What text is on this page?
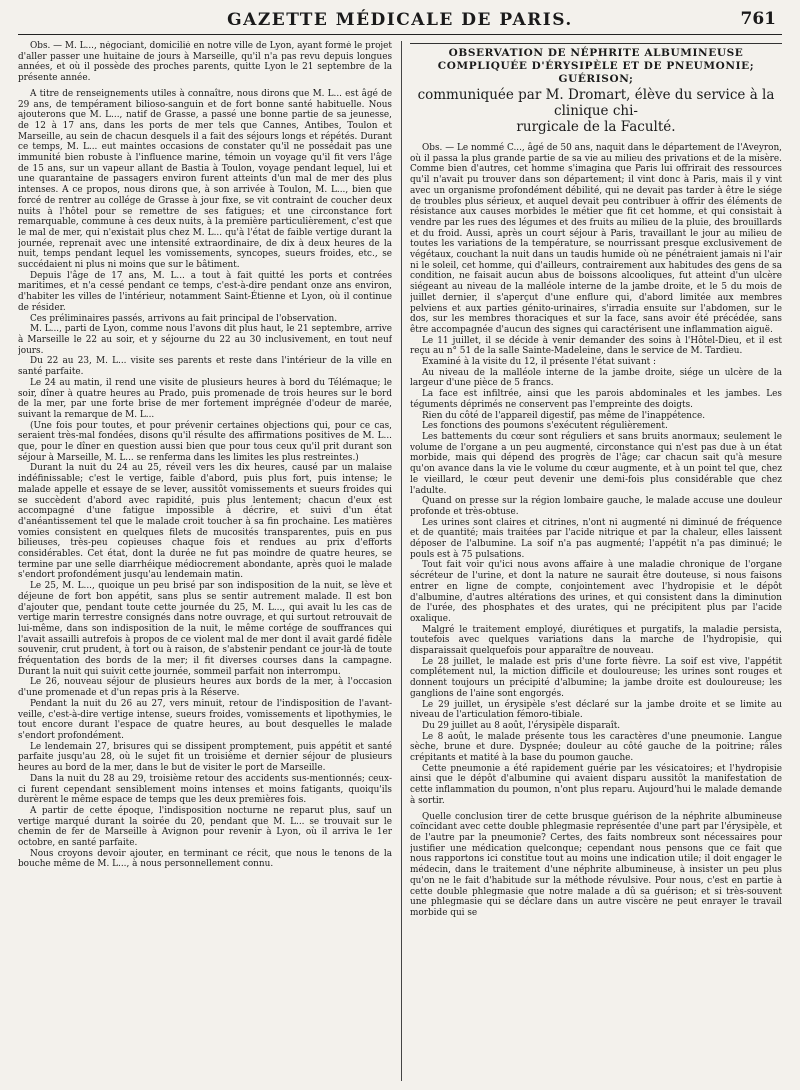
GAZETTE MÉDICALE DE PARIS.	761

Obs. — M. L..., négociant, domicilié en notre ville de Lyon, ayant formé le projet d'aller passer une huitaine de jours à Marseille, qu'il n'a pas revu depuis longues années, et où il possède des proches parents, quitte Lyon le 21 septembre de la présente année.

A titre de renseignements utiles à connaître, nous dirons que M. L... est âgé de 29 ans, de tempérament bilioso-sanguin et de fort bonne santé habituelle. Nous ajouterons que M. L..., natif de Grasse, a passé une bonne partie de sa jeunesse, de 12 à 17 ans, dans les ports de mer tels que Cannes, Antibes, Toulon et Marseille, au sein de chacun desquels il a fait des séjours longs et répétés. Durant ce temps, M. L... eut maintes occasions de constater qu'il ne possédait pas une immunité bien robuste à l'influence marine, témoin un voyage qu'il fit vers l'âge de 15 ans, sur un vapeur allant de Bastia à Toulon, voyage pendant lequel, lui et une quarantaine de passagers environ furent atteints d'un mal de mer des plus intenses. A ce propos, nous dirons que, à son arrivée à Toulon, M. L..., bien que forcé de rentrer au collége de Grasse à jour fixe, se vit contraint de coucher deux nuits à l'hôtel pour se remettre de ses fatigues; et une circonstance fort remarquable, commune à ces deux nuits, à la première particulièrement, c'est que le mal de mer, qui n'existait plus chez M. L... qu'à l'état de faible vertige durant la journée, reprenait avec une intensité extraordinaire, de dix à deux heures de la nuit, temps pendant lequel les vomissements, syncopes, sueurs froides, etc., se succédaient ni plus ni moins que sur le bâtiment.

Depuis l'âge de 17 ans, M. L... a tout à fait quitté les ports et contrées maritimes, et n'a cessé pendant ce temps, c'est-à-dire pendant onze ans environ, d'habiter les villes de l'intérieur, notamment Saint-Étienne et Lyon, où il continue de résider.

Ces préliminaires passés, arrivons au fait principal de l'observation.

M. L..., parti de Lyon, comme nous l'avons dit plus haut, le 21 septembre, arrive à Marseille le 22 au soir, et y séjourne du 22 au 30 inclusivement, en tout neuf jours.

Du 22 au 23, M. L... visite ses parents et reste dans l'intérieur de la ville en santé parfaite.

Le 24 au matin, il rend une visite de plusieurs heures à bord du Télémaque; le soir, dîner à quatre heures au Prado, puis promenade de trois heures sur le bord de la mer, par une forte brise de mer fortement imprégnée d'odeur de marée, suivant la remarque de M. L...

(Une fois pour toutes, et pour prévenir certaines objections qui, pour ce cas, seraient très-mal fondées, disons qu'il résulte des affirmations positives de M. L... que, pour le dîner en question aussi bien que pour tous ceux qu'il prit durant son séjour à Marseille, M. L... se renferma dans les limites les plus restreintes.)

Durant la nuit du 24 au 25, réveil vers les dix heures, causé par un malaise indéfinissable; c'est le vertige, faible d'abord, puis plus fort, puis intense; le malade appelle et essaye de se lever, aussitôt vomissements et sueurs froides qui se succèdent d'abord avec rapidité, puis plus lentement; chacun d'eux est accompagné d'une fatigue impossible à décrire, et suivi d'un état d'anéantissement tel que le malade croit toucher à sa fin prochaine. Les matières vomies consistent en quelques filets de mucosités transparentes, puis en pus bilieuses, très-peu copieuses chaque fois et rendues au prix d'efforts considérables. Cet état, dont la durée ne fut pas moindre de quatre heures, se termine par une selle diarrhéique médiocrement abondante, après quoi le malade s'endort profondément jusqu'au lendemain matin.

Le 25, M. L..., quoique un peu brisé par son indisposition de la nuit, se lève et déjeune de fort bon appétit, sans plus se sentir autrement malade. Il est bon d'ajouter que, pendant toute cette journée du 25, M. L..., qui avait lu les cas de vertige marin terrestre consignés dans notre ouvrage, et qui surtout retrouvait de lui-même, dans son indisposition de la nuit, le même cortége de souffrances qui l'avait assailli autrefois à propos de ce violent mal de mer dont il avait gardé fidèle souvenir, crut prudent, à tort ou à raison, de s'abstenir pendant ce jour-là de toute fréquentation des bords de la mer; il fit diverses courses dans la campagne. Durant la nuit qui suivit cette journée, sommeil parfait non interrompu.

Le 26, nouveau séjour de plusieurs heures aux bords de la mer, à l'occasion d'une promenade et d'un repas pris à la Réserve.

Pendant la nuit du 26 au 27, vers minuit, retour de l'indisposition de l'avant-veille, c'est-à-dire vertige intense, sueurs froides, vomissements et lipothymies, le tout encore durant l'espace de quatre heures, au bout desquelles le malade s'endort profondément.

Le lendemain 27, brisures qui se dissipent promptement, puis appétit et santé parfaite jusqu'au 28, où le sujet fit un troisième et dernier séjour de plusieurs heures au bord de la mer, dans le but de visiter le port de Marseille.

Dans la nuit du 28 au 29, troisième retour des accidents sus-mentionnés; ceux-ci furent cependant sensiblement moins intenses et moins fatigants, quoiqu'ils durèrent le même espace de temps que les deux premières fois.

A partir de cette époque, l'indisposition nocturne ne reparut plus, sauf un vertige marqué durant la soirée du 20, pendant que M. L... se trouvait sur le chemin de fer de Marseille à Avignon pour revenir à Lyon, où il arriva le 1er octobre, en santé parfaite.

Nous croyons devoir ajouter, en terminant ce récit, que nous le tenons de la bouche même de M. L..., à nous personnellement connu.

OBSERVATION DE NÉPHRITE ALBUMINEUSE COMPLIQUÉE D'ÉRYSIPÈLE ET DE PNEUMONIE; GUÉRISON;
communiquée par M. Dromart, élève du service à la clinique chi-
rurgicale de la Faculté.

Obs. — Le nommé C..., âgé de 50 ans, naquit dans le département de l'Aveyron, où il passa la plus grande partie de sa vie au milieu des privations et de la misère. Comme bien d'autres, cet homme s'imagina que Paris lui offrirait des ressources qu'il n'avait pu trouver dans son département; il vint donc à Paris, mais il y vint avec un organisme profondément débilité, qui ne devait pas tarder à être le siége de troubles plus sérieux, et auquel devait peu contribuer à offrir des éléments de résistance aux causes morbides le métier que fit cet homme, et qui consistait à vendre par les rues des légumes et des fruits au milieu de la pluie, des brouillards et du froid. Aussi, après un court séjour à Paris, travaillant le jour au milieu de toutes les variations de la température, se nourrissant presque exclusivement de végétaux, couchant la nuit dans un taudis humide où ne pénétraient jamais ni l'air ni le soleil, cet homme, qui d'ailleurs, contrairement aux habitudes des gens de sa condition, ne faisait aucun abus de boissons alcooliques, fut atteint d'un ulcère siégeant au niveau de la malléole interne de la jambe droite, et le 5 du mois de juillet dernier, il s'aperçut d'une enflure qui, d'abord limitée aux membres pelviens et aux parties génito-urinaires, s'irradia ensuite sur l'abdomen, sur le dos, sur les membres thoraciques et sur la face, sans avoir été précédée, sans être accompagnée d'aucun des signes qui caractérisent une inflammation aiguë.

Le 11 juillet, il se décide à venir demander des soins à l'Hôtel-Dieu, et il est reçu au n° 51 de la salle Sainte-Madeleine, dans le service de M. Tardieu.

Examiné à la visite du 12, il présente l'état suivant :

Au niveau de la malléole interne de la jambe droite, siége un ulcère de la largeur d'une pièce de 5 francs.

La face est infiltrée, ainsi que les parois abdominales et les jambes. Les téguments déprimés ne conservent pas l'empreinte des doigts.

Rien du côté de l'appareil digestif, pas même de l'inappétence.

Les fonctions des poumons s'exécutent régulièrement.

Les battements du cœur sont réguliers et sans bruits anormaux; seulement le volume de l'organe a un peu augmenté, circonstance qui n'est pas due à un état morbide, mais qui dépend des progrès de l'âge; car chacun sait qu'à mesure qu'on avance dans la vie le volume du cœur augmente, et à un point tel que, chez le vieillard, le cœur peut devenir une demi-fois plus considérable que chez l'adulte.

Quand on presse sur la région lombaire gauche, le malade accuse une douleur profonde et très-obtuse.

Les urines sont claires et citrines, n'ont ni augmenté ni diminué de fréquence et de quantité; mais traitées par l'acide nitrique et par la chaleur, elles laissent déposer de l'albumine. La soif n'a pas augmenté; l'appétit n'a pas diminué; le pouls est à 75 pulsations.

Tout fait voir qu'ici nous avons affaire à une maladie chronique de l'organe sécréteur de l'urine, et dont la nature ne saurait être douteuse, si nous faisons entrer en ligne de compte, conjointement avec l'hydropisie et le dépôt d'albumine, d'autres altérations des urines, et qui consistent dans la diminution de l'urée, des phosphates et des urates, qui ne précipitent plus par l'acide oxalique.

Malgré le traitement employé, diurétiques et purgatifs, la maladie persista, toutefois avec quelques variations dans la marche de l'hydropisie, qui disparaissait quelquefois pour apparaître de nouveau.

Le 28 juillet, le malade est pris d'une forte fièvre. La soif est vive, l'appétit complétement nul, la miction difficile et douloureuse; les urines sont rouges et donnent toujours un précipité d'albumine; la jambe droite est douloureuse; les ganglions de l'aine sont engorgés.

Le 29 juillet, un érysipèle s'est déclaré sur la jambe droite et se limite au niveau de l'articulation fémoro-tibiale.

Du 29 juillet au 8 août, l'érysipèle disparaît.

Le 8 août, le malade présente tous les caractères d'une pneumonie. Langue sèche, brune et dure. Dyspnée; douleur au côté gauche de la poitrine; râles crépitants et matité à la base du poumon gauche.

Cette pneumonie a été rapidement guérie par les vésicatoires; et l'hydropisie ainsi que le dépôt d'albumine qui avaient disparu aussitôt la manifestation de cette inflammation du poumon, n'ont plus reparu. Aujourd'hui le malade demande à sortir.

Quelle conclusion tirer de cette brusque guérison de la néphrite albumineuse coïncidant avec cette double phlegmasie représentée d'une part par l'érysipèle, et de l'autre par la pneumonie? Certes, des faits nombreux sont nécessaires pour justifier une médication quelconque; cependant nous pensons que ce fait que nous rapportons ici constitue tout au moins une indication utile; il doit engager le médecin, dans le traitement d'une néphrite albumineuse, à insister un peu plus qu'on ne le fait d'habitude sur la méthode révulsive. Pour nous, c'est en partie à cette double phlegmasie que notre malade a dû sa guérison; et si très-souvent une phlegmasie qui se déclare dans un autre viscère ne peut enrayer le travail morbide qui se
